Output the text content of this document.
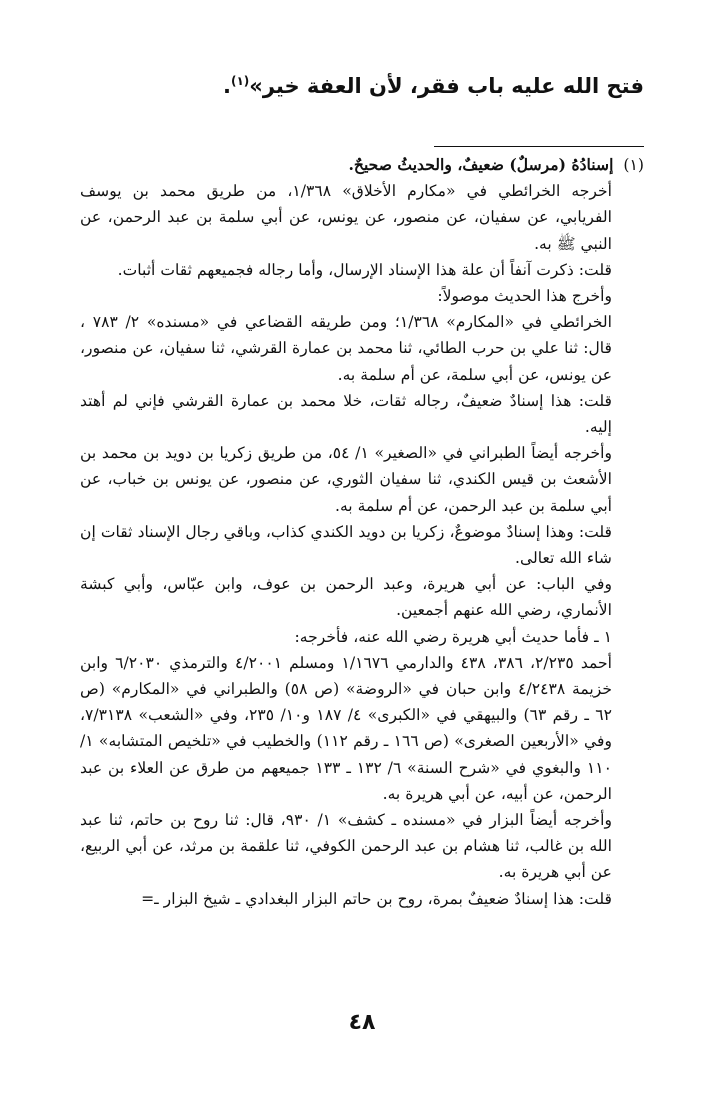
فتح الله عليه باب فقر، لأن العفة خير»$^{(١)}$.

(١)إسنادُهُ (مرسلٌ) ضعيفٌ، والحديثُ صحيحٌ.

أخرجه الخرائطي في «مكارم الأخلاق» ١/٣٦٨، من طريق محمد بن يوسف الفريابي، عن سفيان، عن منصور، عن يونس، عن أبي سلمة بن عبد الرحمن، عن النبي ﷺ به.

قلت: ذكرت آنفاً أن علة هذا الإسناد الإرسال، وأما رجاله فجميعهم ثقات أثبات.

وأخرج هذا الحديث موصولاً:

الخرائطي في «المكارم» ١/٣٦٨؛ ومن طريقه القضاعي في «مسنده» ٢/ ٧٨٣ ، قال: ثنا علي بن حرب الطائي، ثنا محمد بن عمارة القرشي، ثنا سفيان، عن منصور، عن يونس، عن أبي سلمة، عن أم سلمة به.

قلت: هذا إسنادٌ ضعيفٌ، رجاله ثقات، خلا محمد بن عمارة القرشي فإني لم أهتد إليه.

وأخرجه أيضاً الطبراني في «الصغير» ١/ ٥٤، من طريق زكريا بن دويد بن محمد بن الأشعث بن قيس الكندي، ثنا سفيان الثوري، عن منصور، عن يونس بن خباب، عن أبي سلمة بن عبد الرحمن، عن أم سلمة به.

قلت: وهذا إسنادٌ موضوعٌ، زكريا بن دويد الكندي كذاب، وباقي رجال الإسناد ثقات إن شاء الله تعالى.

وفي الباب: عن أبي هريرة، وعبد الرحمن بن عوف، وابن عبّاس، وأبي كبشة الأنماري، رضي الله عنهم أجمعين.

١ ـ فأما حديث أبي هريرة رضي الله عنه، فأخرجه:

أحمد ٢/٢٣٥، ٣٨٦، ٤٣٨ والدارمي ١/١٦٧٦ ومسلم ٤/٢٠٠١ والترمذي ٦/٢٠٣٠ وابن خزيمة ٤/٢٤٣٨ وابن حبان في «الروضة» (ص ٥٨) والطبراني في «المكارم» (ص ٦٢ ـ رقم ٦٣) والبيهقي في «الكبرى» ٤/ ١٨٧ و١٠/ ٢٣٥، وفي «الشعب» ٧/٣١٣٨، وفي «الأربعين الصغرى» (ص ١٦٦ ـ رقم ١١٢) والخطيب في «تلخيص المتشابه» ١/ ١١٠ والبغوي في «شرح السنة» ٦/ ١٣٢ ـ ١٣٣ جميعهم من طرق عن العلاء بن عبد الرحمن، عن أبيه، عن أبي هريرة به.

وأخرجه أيضاً البزار في «مسنده ـ كشف» ١/ ٩٣٠، قال: ثنا روح بن حاتم، ثنا عبد الله بن غالب، ثنا هشام بن عبد الرحمن الكوفي، ثنا علقمة بن مرثد، عن أبي الربيع، عن أبي هريرة به.

قلت: هذا إسنادٌ ضعيفٌ بمرة، روح بن حاتم البزار البغدادي ـ شيخ البزار ـ=

٤٨
